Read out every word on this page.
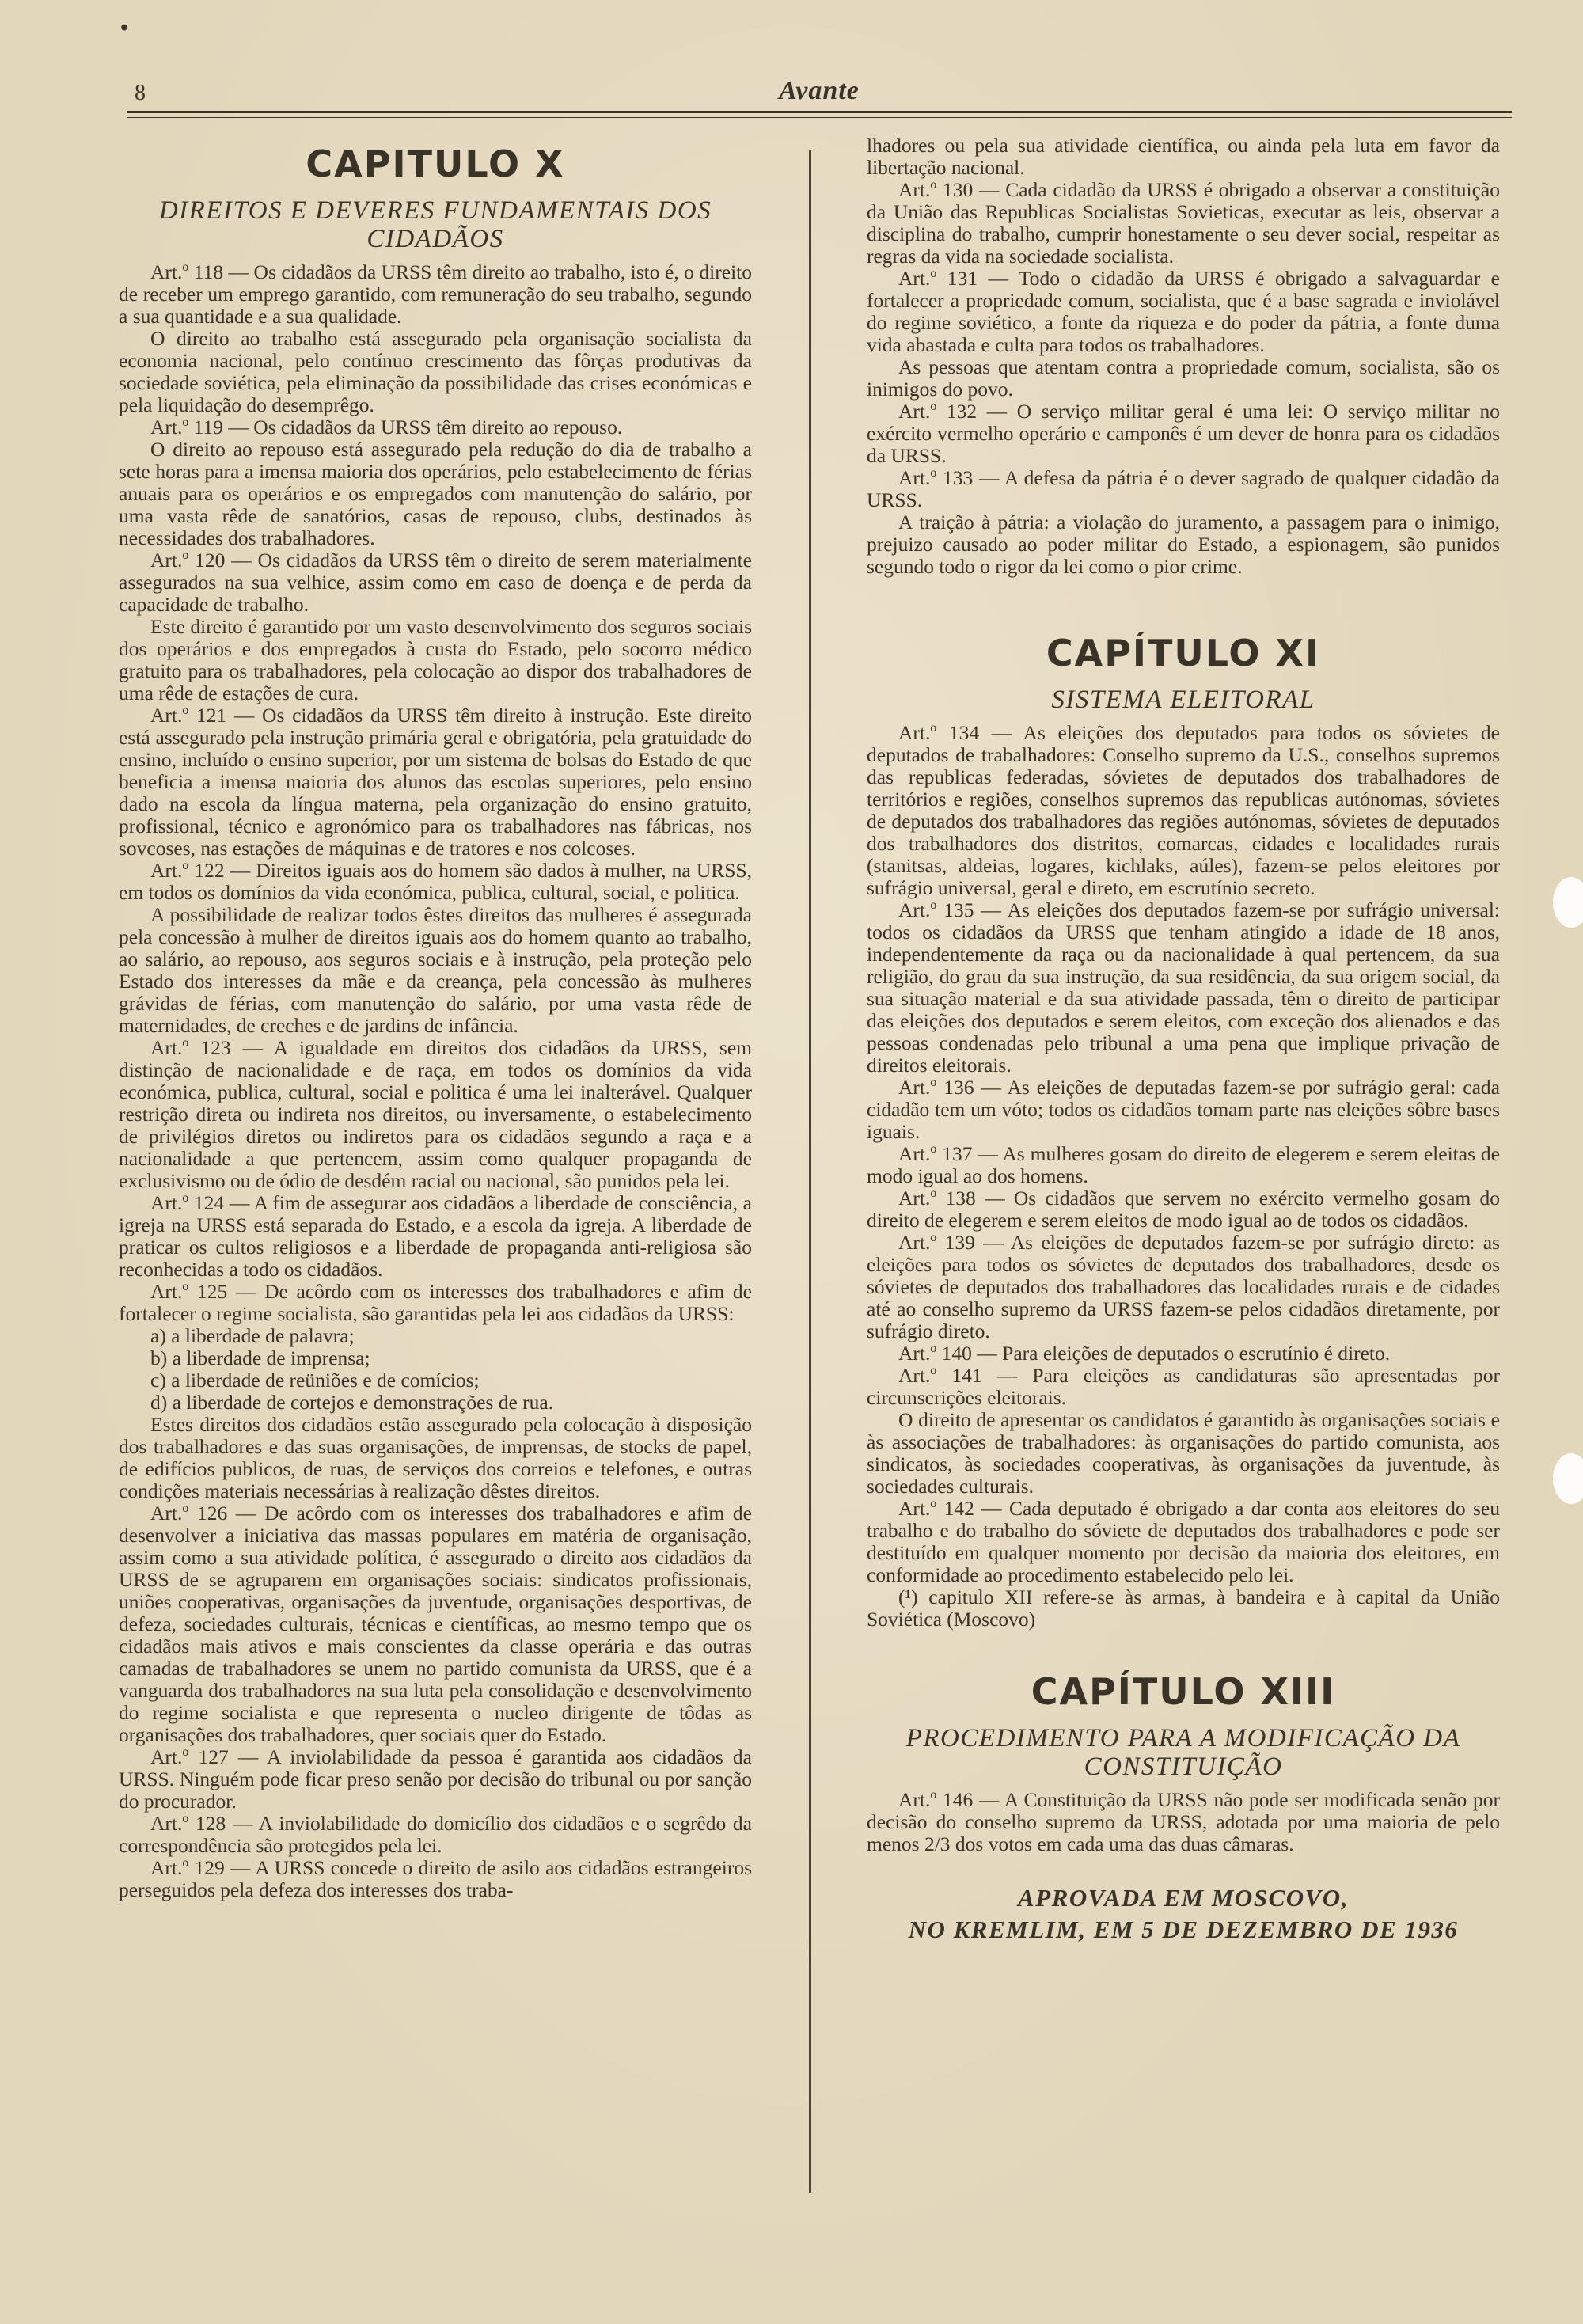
•
8	Avante
CAPITULO X
DIREITOS E DEVERES FUNDAMENTAIS DOS CIDADÃOS

Art.º 118 — Os cidadãos da URSS têm direito ao trabalho, isto é, o direito de receber um emprego garantido, com remuneração do seu trabalho, segundo a sua quantidade e a sua qualidade.

O direito ao trabalho está assegurado pela organisação socialista da economia nacional, pelo contínuo crescimento das fôrças produtivas da sociedade soviética, pela eliminação da possibilidade das crises económicas e pela liquidação do desemprêgo.

Art.º 119 — Os cidadãos da URSS têm direito ao repouso.

O direito ao repouso está assegurado pela redução do dia de trabalho a sete horas para a imensa maioria dos operários, pelo estabelecimento de férias anuais para os operários e os empregados com manutenção do salário, por uma vasta rêde de sanatórios, casas de repouso, clubs, destinados às necessidades dos trabalhadores.

Art.º 120 — Os cidadãos da URSS têm o direito de serem materialmente assegurados na sua velhice, assim como em caso de doença e de perda da capacidade de trabalho.

Este direito é garantido por um vasto desenvolvimento dos seguros sociais dos operários e dos empregados à custa do Estado, pelo socorro médico gratuito para os trabalhadores, pela colocação ao dispor dos trabalhadores de uma rêde de estações de cura.

Art.º 121 — Os cidadãos da URSS têm direito à instrução. Este direito está assegurado pela instrução primária geral e obrigatória, pela gratuidade do ensino, incluído o ensino superior, por um sistema de bolsas do Estado de que beneficia a imensa maioria dos alunos das escolas superiores, pelo ensino dado na escola da língua materna, pela organização do ensino gratuito, profissional, técnico e agronómico para os trabalhadores nas fábricas, nos sovcoses, nas estações de máquinas e de tratores e nos colcoses.

Art.º 122 — Direitos iguais aos do homem são dados à mulher, na URSS, em todos os domínios da vida económica, publica, cultural, social, e politica.

A possibilidade de realizar todos êstes direitos das mulheres é assegurada pela concessão à mulher de direitos iguais aos do homem quanto ao trabalho, ao salário, ao repouso, aos seguros sociais e à instrução, pela proteção pelo Estado dos interesses da mãe e da creança, pela concessão às mulheres grávidas de férias, com manutenção do salário, por uma vasta rêde de maternidades, de creches e de jardins de infância.

Art.º 123 — A igualdade em direitos dos cidadãos da URSS, sem distinção de nacionalidade e de raça, em todos os domínios da vida económica, publica, cultural, social e politica é uma lei inalterável. Qualquer restrição direta ou indireta nos direitos, ou inversamente, o estabelecimento de privilégios diretos ou indiretos para os cidadãos segundo a raça e a nacionalidade a que pertencem, assim como qualquer propaganda de exclusivismo ou de ódio de desdém racial ou nacional, são punidos pela lei.

Art.º 124 — A fim de assegurar aos cidadãos a liberdade de consciência, a igreja na URSS está separada do Estado, e a escola da igreja. A liberdade de praticar os cultos religiosos e a liberdade de propaganda anti-religiosa são reconhecidas a todo os cidadãos.

Art.º 125 — De acôrdo com os interesses dos trabalhadores e afim de fortalecer o regime socialista, são garantidas pela lei aos cidadãos da URSS:

a) a liberdade de palavra;

b) a liberdade de imprensa;

c) a liberdade de reüniões e de comícios;

d) a liberdade de cortejos e demonstrações de rua.

Estes direitos dos cidadãos estão assegurado pela colocação à disposição dos trabalhadores e das suas organisações, de imprensas, de stocks de papel, de edifícios publicos, de ruas, de serviços dos correios e telefones, e outras condições materiais necessárias à realização dêstes direitos.

Art.º 126 — De acôrdo com os interesses dos trabalhadores e afim de desenvolver a iniciativa das massas populares em matéria de organisação, assim como a sua atividade política, é assegurado o direito aos cidadãos da URSS de se agruparem em organisações sociais: sindicatos profissionais, uniões cooperativas, organisações da juventude, organisações desportivas, de defeza, sociedades culturais, técnicas e científicas, ao mesmo tempo que os cidadãos mais ativos e mais conscientes da classe operária e das outras camadas de trabalhadores se unem no partido comunista da URSS, que é a vanguarda dos trabalhadores na sua luta pela consolidação e desenvolvimento do regime socialista e que representa o nucleo dirigente de tôdas as organisações dos trabalhadores, quer sociais quer do Estado.

Art.º 127 — A inviolabilidade da pessoa é garantida aos cidadãos da URSS. Ninguém pode ficar preso senão por decisão do tribunal ou por sanção do procurador.

Art.º 128 — A inviolabilidade do domicílio dos cidadãos e o segrêdo da correspondência são protegidos pela lei.

Art.º 129 — A URSS concede o direito de asilo aos cidadãos estrangeiros perseguidos pela defeza dos interesses dos traba-

lhadores ou pela sua atividade científica, ou ainda pela luta em favor da libertação nacional.

Art.º 130 — Cada cidadão da URSS é obrigado a observar a constituição da União das Republicas Socialistas Sovieticas, executar as leis, observar a disciplina do trabalho, cumprir honestamente o seu dever social, respeitar as regras da vida na sociedade socialista.

Art.º 131 — Todo o cidadão da URSS é obrigado a salvaguardar e fortalecer a propriedade comum, socialista, que é a base sagrada e inviolável do regime soviético, a fonte da riqueza e do poder da pátria, a fonte duma vida abastada e culta para todos os trabalhadores.

As pessoas que atentam contra a propriedade comum, socialista, são os inimigos do povo.

Art.º 132 — O serviço militar geral é uma lei: O serviço militar no exército vermelho operário e camponês é um dever de honra para os cidadãos da URSS.

Art.º 133 — A defesa da pátria é o dever sagrado de qualquer cidadão da URSS.

A traição à pátria: a violação do juramento, a passagem para o inimigo, prejuizo causado ao poder militar do Estado, a espionagem, são punidos segundo todo o rigor da lei como o pior crime.

CAPÍTULO XI
SISTEMA ELEITORAL

Art.º 134 — As eleições dos deputados para todos os sóvietes de deputados de trabalhadores: Conselho supremo da U.S., conselhos supremos das republicas federadas, sóvietes de deputados dos trabalhadores de territórios e regiões, conselhos supremos das republicas autónomas, sóvietes de deputados dos trabalhadores das regiões autónomas, sóvietes de deputados dos trabalhadores dos distritos, comarcas, cidades e localidades rurais (stanitsas, aldeias, logares, kichlaks, aúles), fazem-se pelos eleitores por sufrágio universal, geral e direto, em escrutínio secreto.

Art.º 135 — As eleições dos deputados fazem-se por sufrágio universal: todos os cidadãos da URSS que tenham atingido a idade de 18 anos, independentemente da raça ou da nacionalidade à qual pertencem, da sua religião, do grau da sua instrução, da sua residência, da sua origem social, da sua situação material e da sua atividade passada, têm o direito de participar das eleições dos deputados e serem eleitos, com exceção dos alienados e das pessoas condenadas pelo tribunal a uma pena que implique privação de direitos eleitorais.

Art.º 136 — As eleições de deputadas fazem-se por sufrágio geral: cada cidadão tem um vóto; todos os cidadãos tomam parte nas eleições sôbre bases iguais.

Art.º 137 — As mulheres gosam do direito de elegerem e serem eleitas de modo igual ao dos homens.

Art.º 138 — Os cidadãos que servem no exército vermelho gosam do direito de elegerem e serem eleitos de modo igual ao de todos os cidadãos.

Art.º 139 — As eleições de deputados fazem-se por sufrágio direto: as eleições para todos os sóvietes de deputados dos trabalhadores, desde os sóvietes de deputados dos trabalhadores das localidades rurais e de cidades até ao conselho supremo da URSS fazem-se pelos cidadãos diretamente, por sufrágio direto.

Art.º 140 — Para eleições de deputados o escrutínio é direto.

Art.º 141 — Para eleições as candidaturas são apresentadas por circunscrições eleitorais.

O direito de apresentar os candidatos é garantido às organisações sociais e às associações de trabalhadores: às organisações do partido comunista, aos sindicatos, às sociedades cooperativas, às organisações da juventude, às sociedades culturais.

Art.º 142 — Cada deputado é obrigado a dar conta aos eleitores do seu trabalho e do trabalho do sóviete de deputados dos trabalhadores e pode ser destituído em qualquer momento por decisão da maioria dos eleitores, em conformidade ao procedimento estabelecido pelo lei.

(¹) capitulo XII refere-se às armas, à bandeira e à capital da União Soviética (Moscovo)

CAPÍTULO XIII
PROCEDIMENTO PARA A MODIFICAÇÃO DA CONSTITUIÇÃO

Art.º 146 — A Constituição da URSS não pode ser modificada senão por decisão do conselho supremo da URSS, adotada por uma maioria de pelo menos 2/3 dos votos em cada uma das duas câmaras.

APROVADA EM MOSCOVO,
NO KREMLIM, EM 5 DE DEZEMBRO DE 1936
